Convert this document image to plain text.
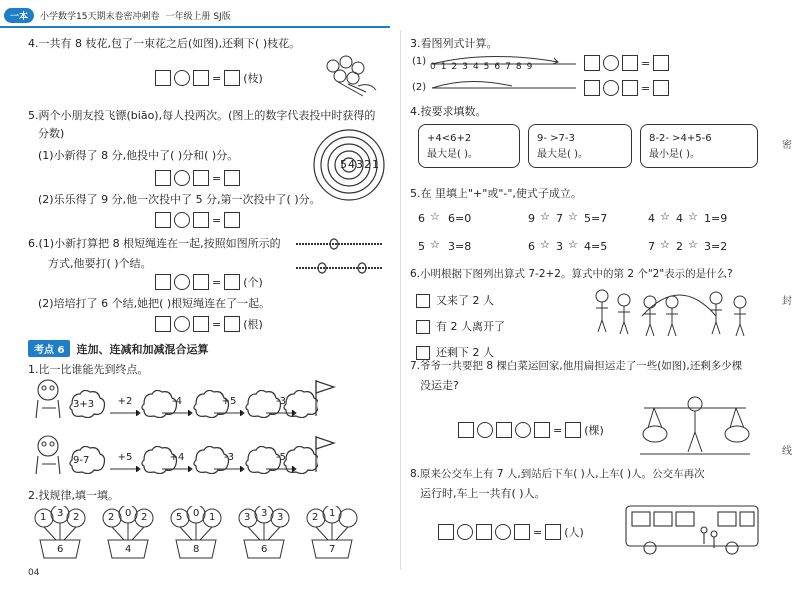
一本	小学数学15天期末卷密冲刺卷 一年级上册 SJ版
4.一共有 8 枝花,包了一束花之后(如图),还剩下( )枝花。
= (枝)
5.两个小朋友投飞镖(biāo),每人投两次。(图上的数字代表投中时获得的
分数)
(1)小新得了 8 分,他投中了( )分和( )分。
=
(2)乐乐得了 9 分,他一次投中了 5 分,第一次投中了( )分。
=
54321
6.(1)小新打算把 8 根短绳连在一起,按照如图所示的
方式,他要打( )个结。
= (个)
(2)培培打了 6 个结,她把( )根短绳连在了一起。
= (根)
考点 6	连加、连减和加减混合运算
1.比一比谁能先到终点。
3+3	+2	-4	+5	-3
9-7	+5	+4	-3	-5
2.找规律,填一填。
1 3 2
6
2 0 2
4
5 0 1
8
3 3 3
6
2 1
7
04
3.看图列式计算。
(1)
(2)
0 1 2 3 4 5 6 7 8 9	=
=
4.按要求填数。
+4<6+2
最大是( )。
9- >7-3
最大是( )。
8-2- >4+5-6
最小是( )。
5.在 里填上"+"或"-",使式子成立。
6 ☆ 6=0	9 ☆ 7 ☆ 5=7	4 ☆ 4 ☆ 1=9
5 ☆ 3=8	6 ☆ 3 ☆ 4=5	7 ☆ 2 ☆ 3=2
6.小明根据下图列出算式 7-2+2。算式中的第 2 个"2"表示的是什么?
又来了 2 人
有 2 人离开了
还剩下 2 人
7.爷爷一共要把 8 棵白菜运回家,他用扁担运走了一些(如图),还剩多少棵
没运走?
= (棵)
8.原来公交车上有 7 人,到站后下车( )人,上车( )人。公交车再次
运行时,车上一共有( )人。
= (人)
密
封
线
